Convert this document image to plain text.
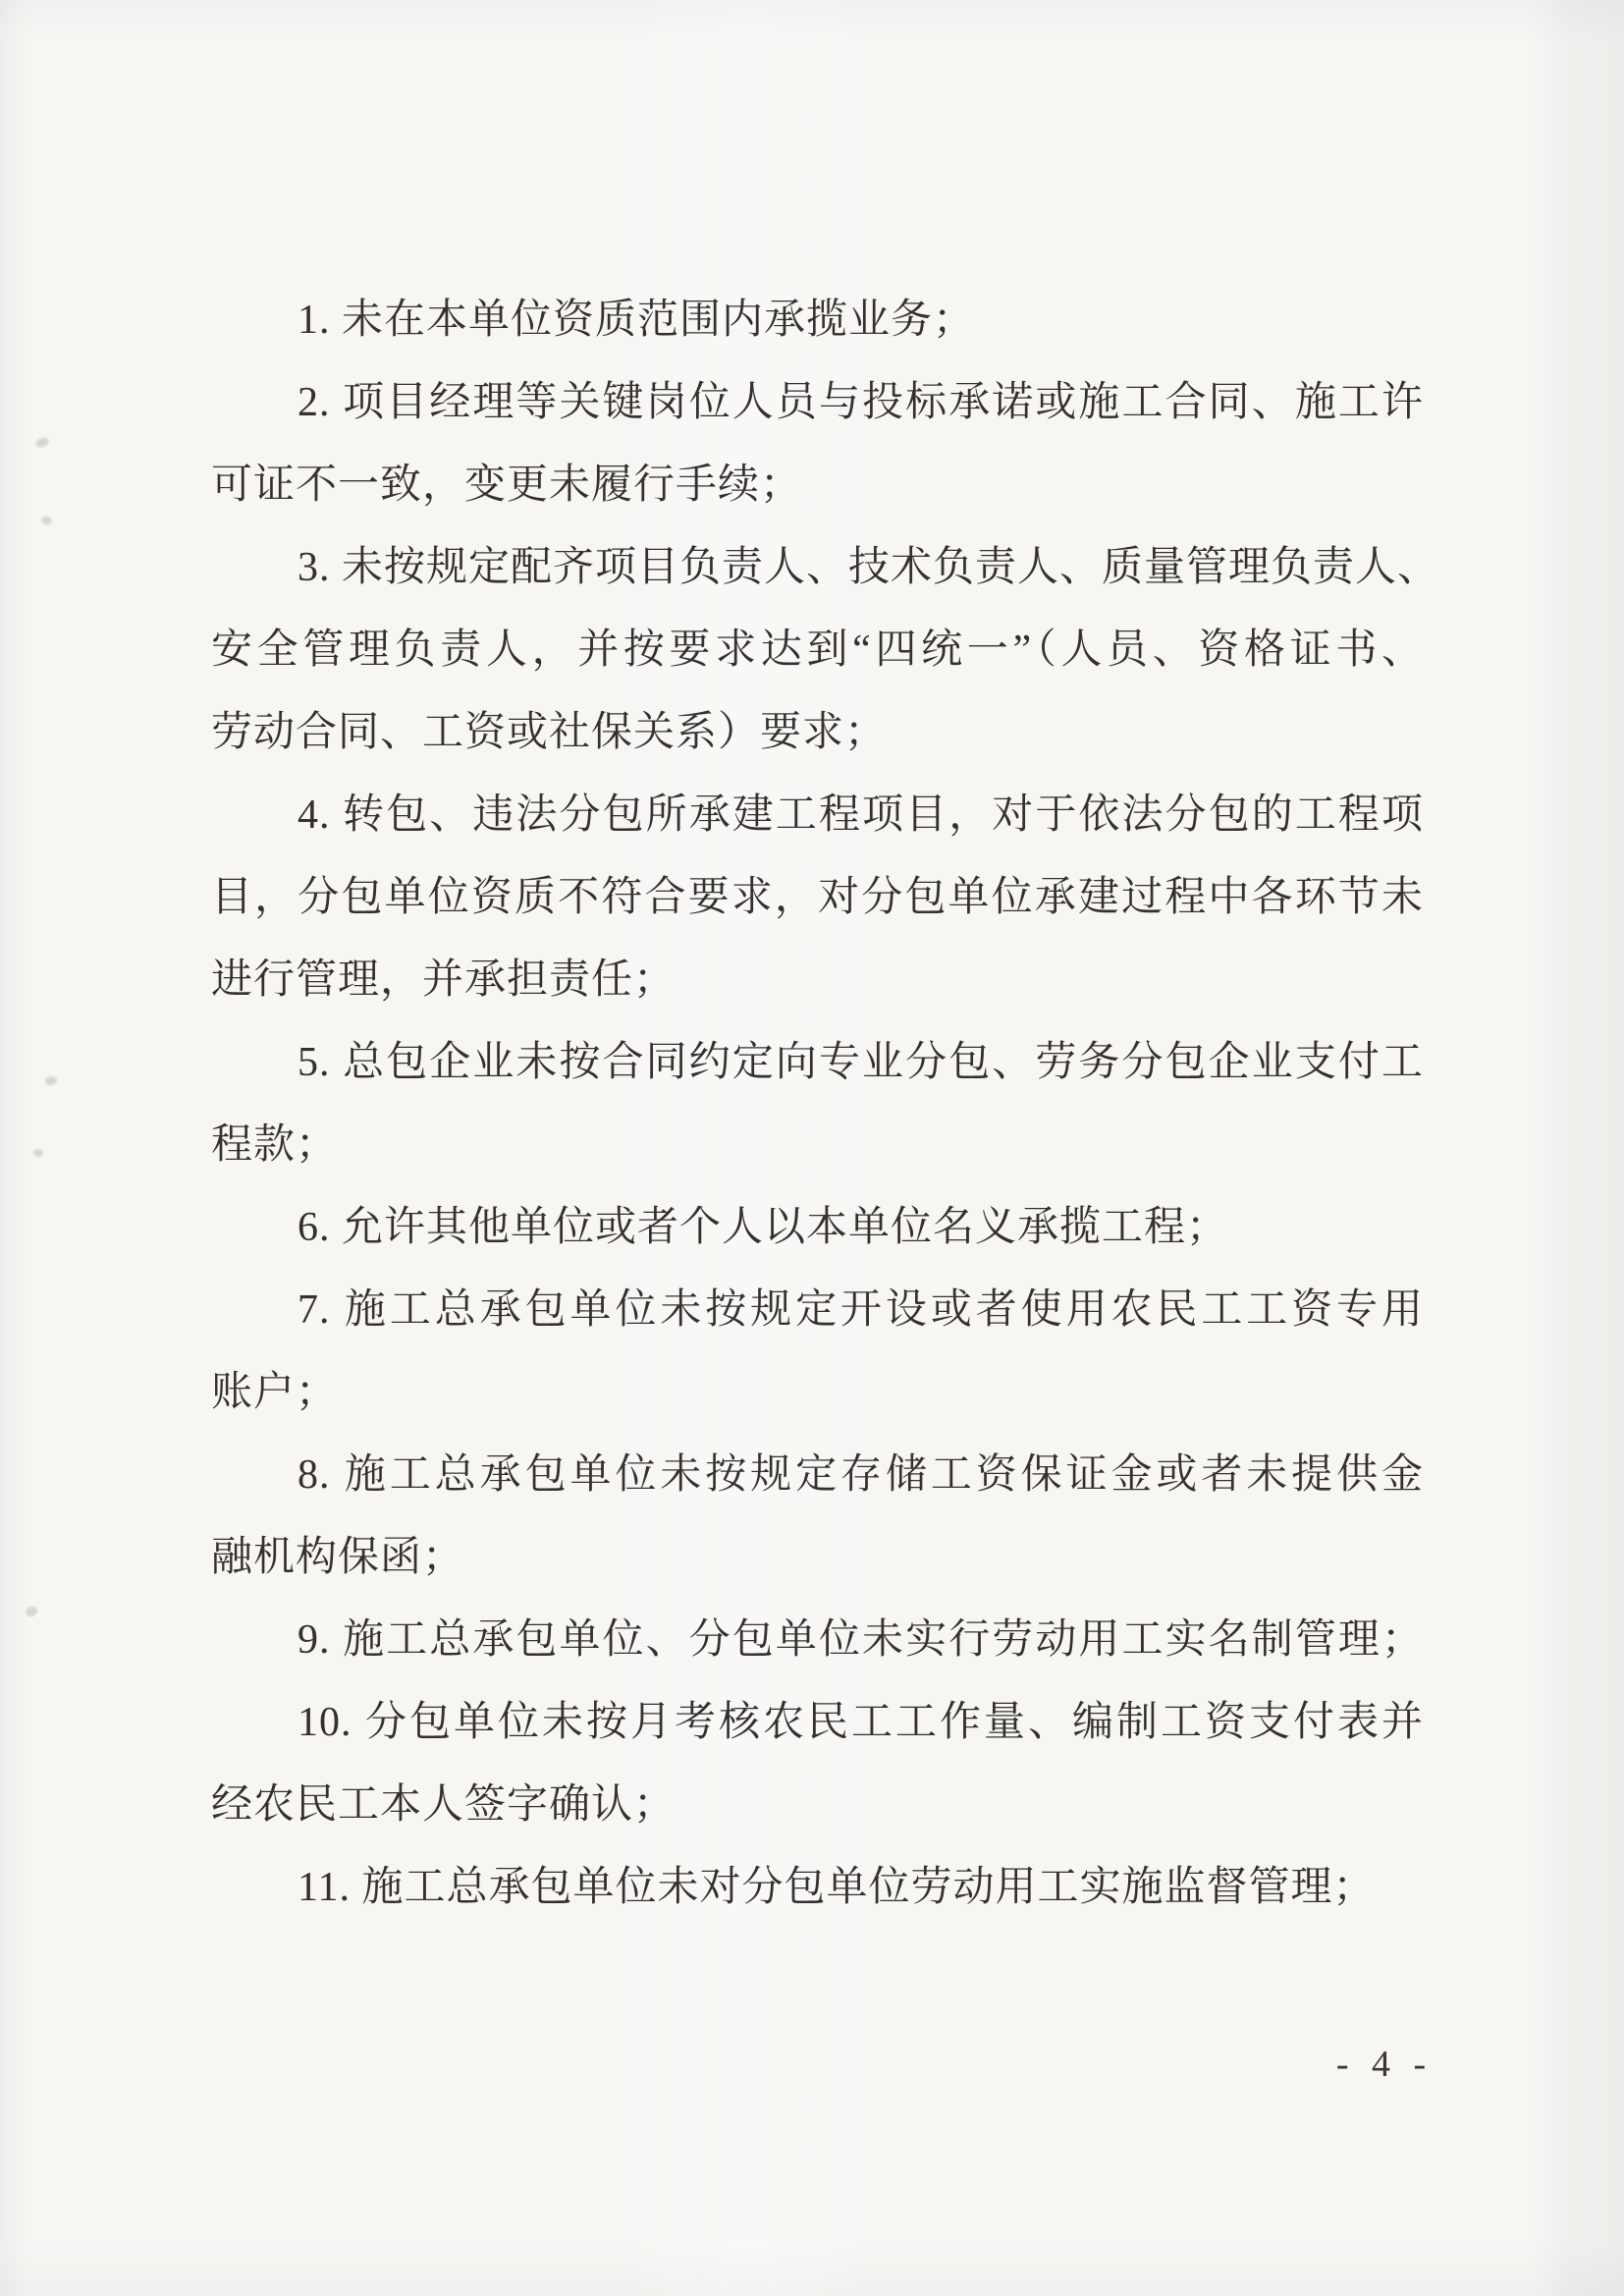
1. 未在本单位资质范围内承揽业务；
2. 项目经理等关键岗位人员与投标承诺或施工合同、施工许
可证不一致，变更未履行手续；
3. 未按规定配齐项目负责人、技术负责人、质量管理负责人、
安全管理负责人，并按要求达到“四统一”（人员、资格证书、
劳动合同、工资或社保关系）要求；
4. 转包、违法分包所承建工程项目，对于依法分包的工程项
目，分包单位资质不符合要求，对分包单位承建过程中各环节未
进行管理，并承担责任；
5. 总包企业未按合同约定向专业分包、劳务分包企业支付工
程款；
6. 允许其他单位或者个人以本单位名义承揽工程；
7. 施工总承包单位未按规定开设或者使用农民工工资专用
账户；
8. 施工总承包单位未按规定存储工资保证金或者未提供金
融机构保函；
9. 施工总承包单位、分包单位未实行劳动用工实名制管理；
10. 分包单位未按月考核农民工工作量、编制工资支付表并
经农民工本人签字确认；
11. 施工总承包单位未对分包单位劳动用工实施监督管理；
- 4 -
